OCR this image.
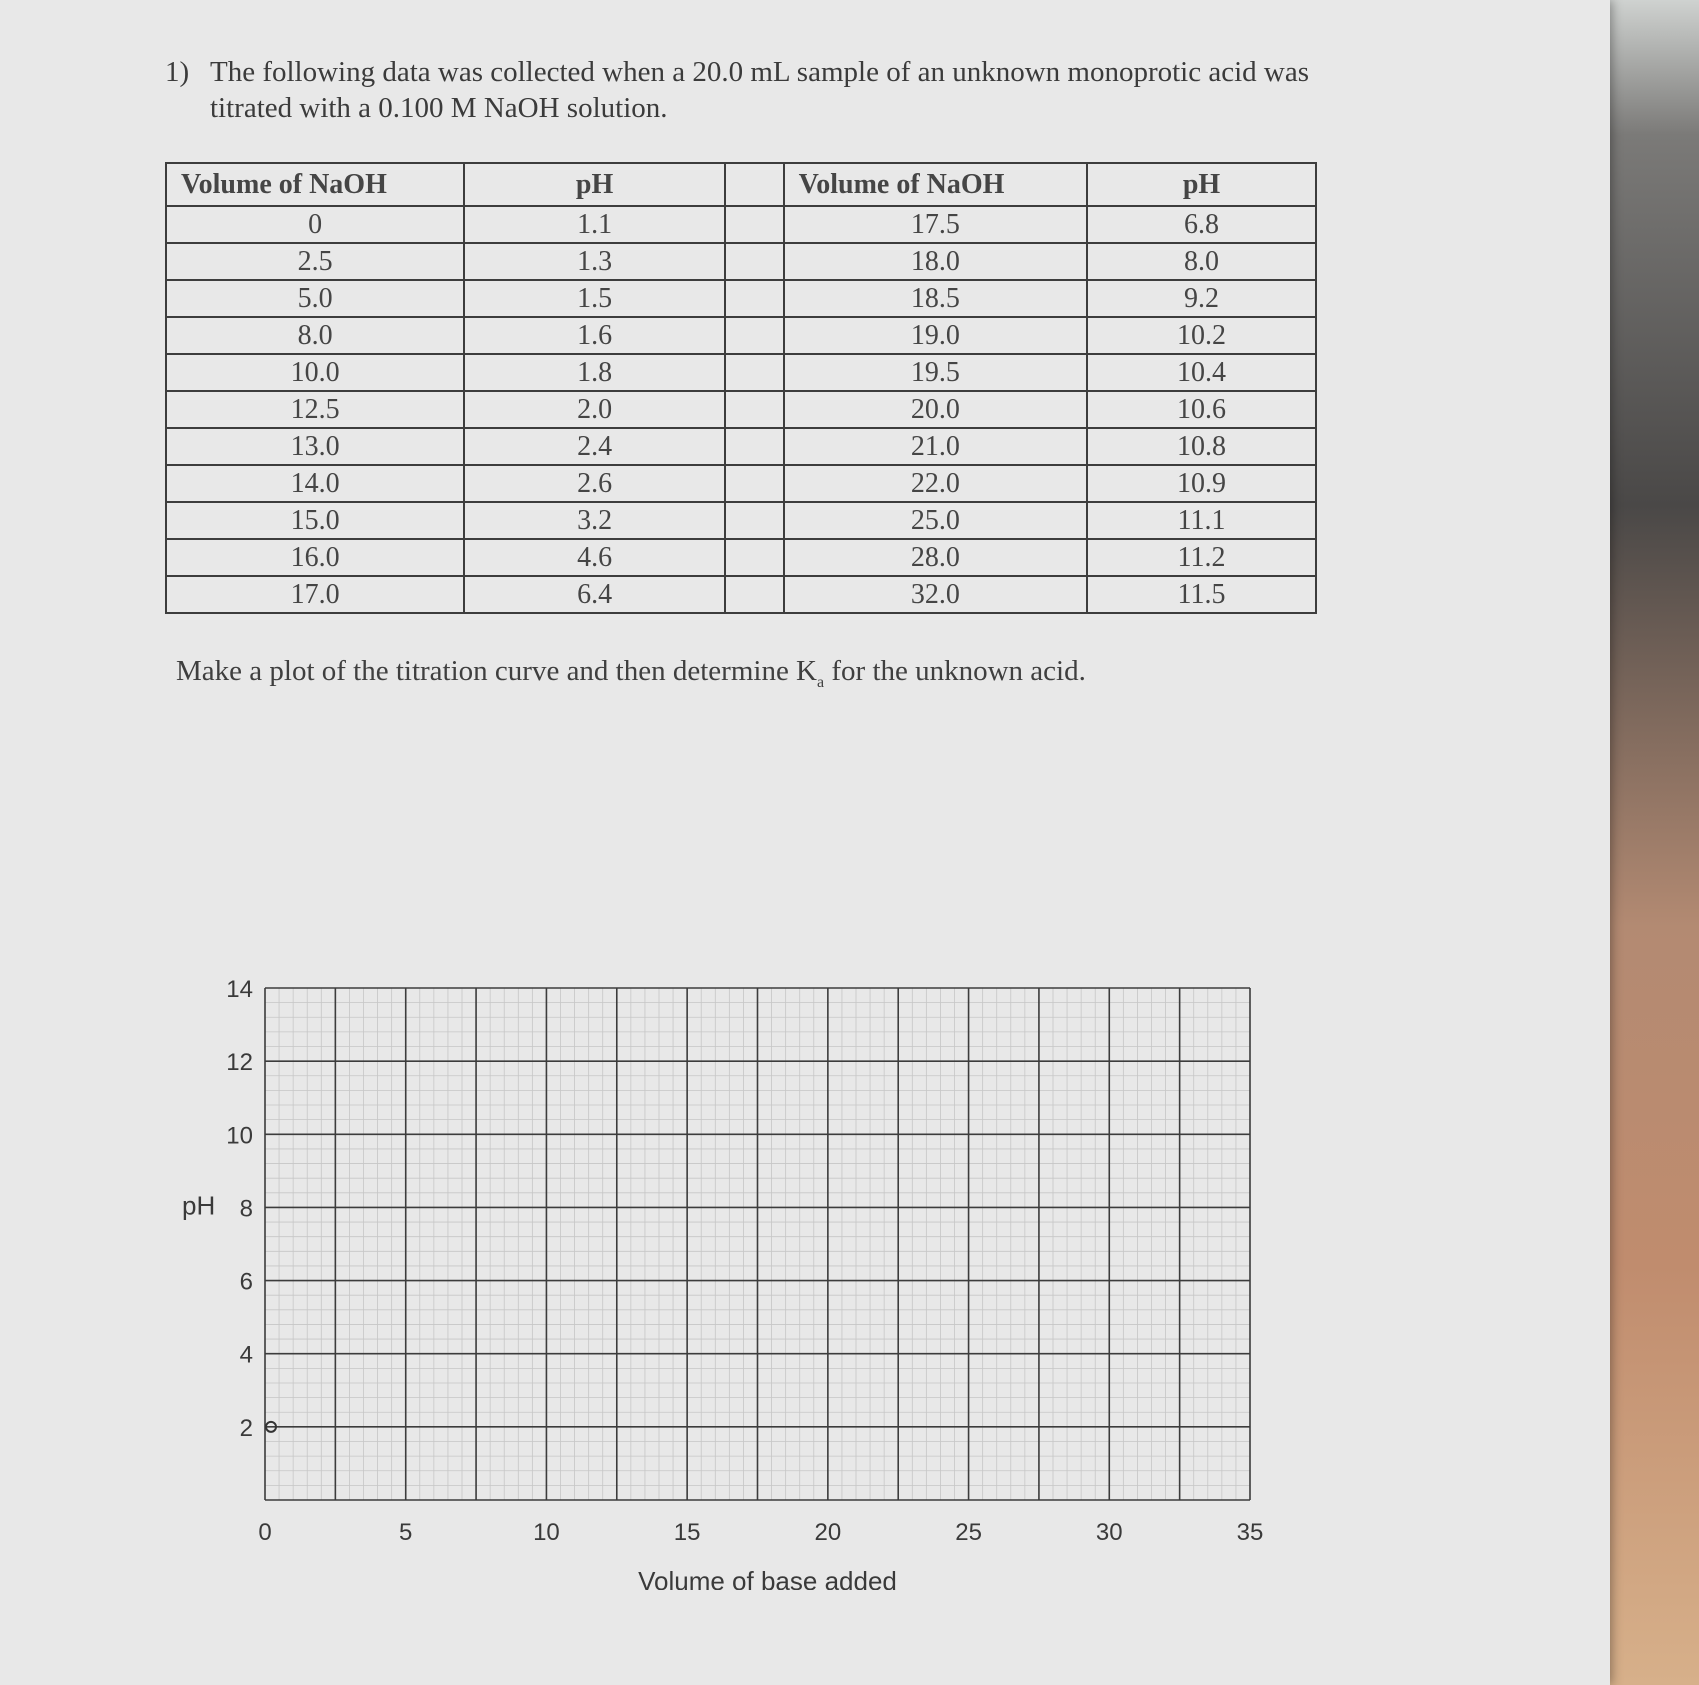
1) The following data was collected when a 20.0 mL sample of an unknown monoprotic acid was titrated with a 0.100 M NaOH solution.
Volume of NaOH	pH		Volume of NaOH	pH
0	1.1		17.5	6.8
2.5	1.3		18.0	8.0
5.0	1.5		18.5	9.2
8.0	1.6		19.0	10.2
10.0	1.8		19.5	10.4
12.5	2.0		20.0	10.6
13.0	2.4		21.0	10.8
14.0	2.6		22.0	10.9
15.0	3.2		25.0	11.1
16.0	4.6		28.0	11.2
17.0	6.4		32.0	11.5
Make a plot of the titration curve and then determine $K_a$ for the unknown acid.
2
4
6
8
10
12
14
0	5	10	15	20	25	30	35
pH
Volume of base added
